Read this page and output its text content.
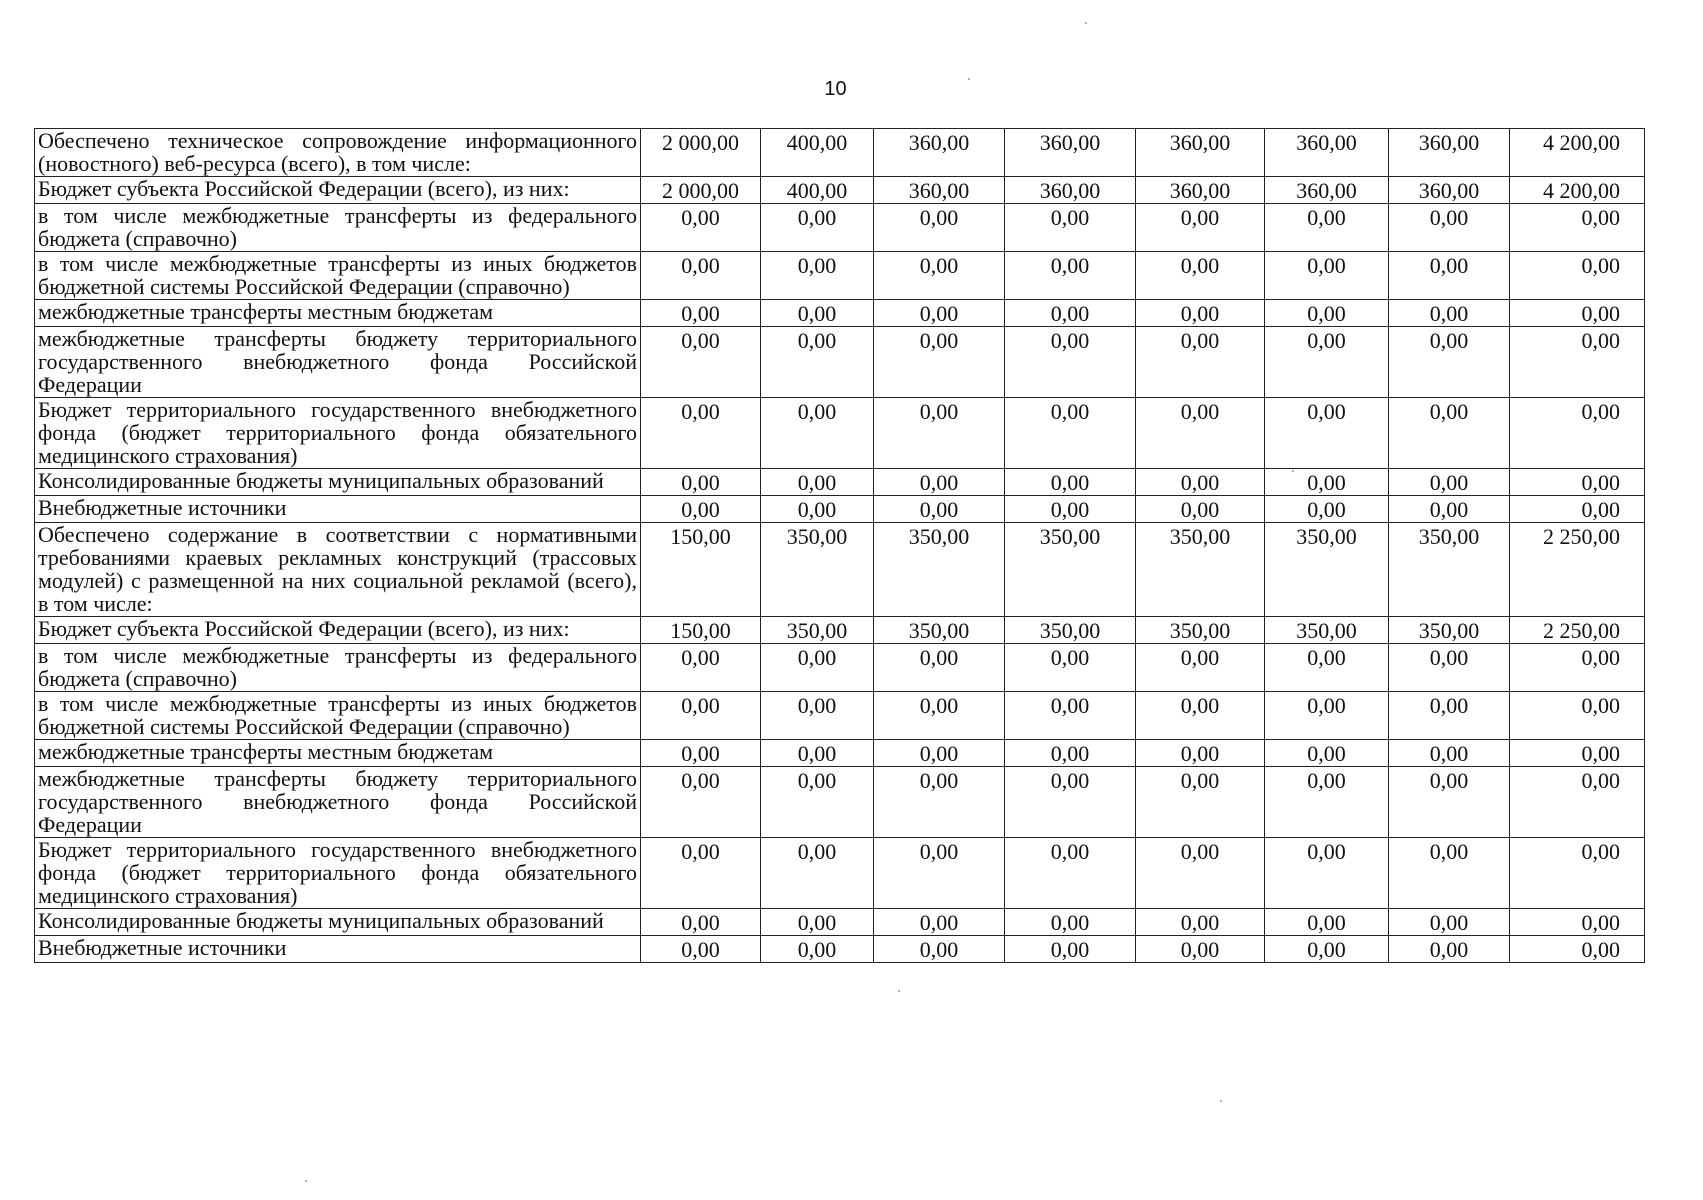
10
Обеспечено техническое сопровождение информационного (новостного) веб-ресурса (всего), в том числе:	2 000,00	400,00	360,00	360,00	360,00	360,00	360,00	4 200,00
Бюджет субъекта Российской Федерации (всего), из них:	2 000,00	400,00	360,00	360,00	360,00	360,00	360,00	4 200,00
в том числе межбюджетные трансферты из федерального бюджета (справочно)	0,00	0,00	0,00	0,00	0,00	0,00	0,00	0,00
в том числе межбюджетные трансферты из иных бюджетов бюджетной системы Российской Федерации (справочно)	0,00	0,00	0,00	0,00	0,00	0,00	0,00	0,00
межбюджетные трансферты местным бюджетам	0,00	0,00	0,00	0,00	0,00	0,00	0,00	0,00
межбюджетные трансферты бюджету территориального государственного внебюджетного фонда Российской Федерации	0,00	0,00	0,00	0,00	0,00	0,00	0,00	0,00
Бюджет территориального государственного внебюджетного фонда (бюджет территориального фонда обязательного медицинского страхования)	0,00	0,00	0,00	0,00	0,00	0,00	0,00	0,00
Консолидированные бюджеты муниципальных образований	0,00	0,00	0,00	0,00	0,00	0,00	0,00	0,00
Внебюджетные источники	0,00	0,00	0,00	0,00	0,00	0,00	0,00	0,00
Обеспечено содержание в соответствии с нормативными требованиями краевых рекламных конструкций (трассовых модулей) с размещенной на них социальной рекламой (всего), в том числе:	150,00	350,00	350,00	350,00	350,00	350,00	350,00	2 250,00
Бюджет субъекта Российской Федерации (всего), из них:	150,00	350,00	350,00	350,00	350,00	350,00	350,00	2 250,00
в том числе межбюджетные трансферты из федерального бюджета (справочно)	0,00	0,00	0,00	0,00	0,00	0,00	0,00	0,00
в том числе межбюджетные трансферты из иных бюджетов бюджетной системы Российской Федерации (справочно)	0,00	0,00	0,00	0,00	0,00	0,00	0,00	0,00
межбюджетные трансферты местным бюджетам	0,00	0,00	0,00	0,00	0,00	0,00	0,00	0,00
межбюджетные трансферты бюджету территориального государственного внебюджетного фонда Российской Федерации	0,00	0,00	0,00	0,00	0,00	0,00	0,00	0,00
Бюджет территориального государственного внебюджетного фонда (бюджет территориального фонда обязательного медицинского страхования)	0,00	0,00	0,00	0,00	0,00	0,00	0,00	0,00
Консолидированные бюджеты муниципальных образований	0,00	0,00	0,00	0,00	0,00	0,00	0,00	0,00
Внебюджетные источники	0,00	0,00	0,00	0,00	0,00	0,00	0,00	0,00
